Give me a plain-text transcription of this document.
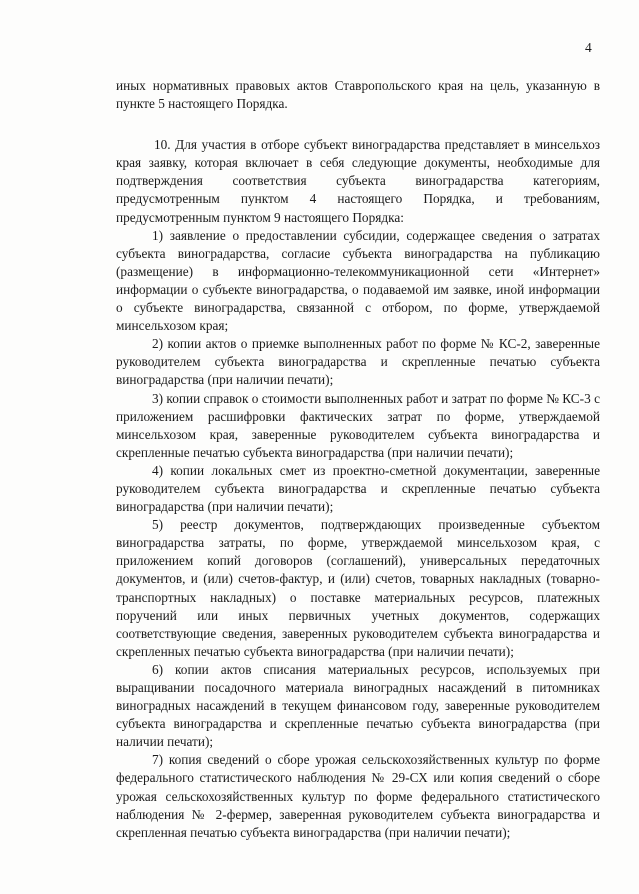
4

иных нормативных правовых актов Ставропольского края на цель, указанную в пункте 5 настоящего Порядка.

10. Для участия в отборе субъект виноградарства представляет в минсельхоз края заявку, которая включает в себя следующие документы, необходимые для подтверждения соответствия субъекта виноградарства категориям, предусмотренным пунктом 4 настоящего Порядка, и требованиям, предусмотренным пунктом 9 настоящего Порядка:

1) заявление о предоставлении субсидии, содержащее сведения о затратах субъекта виноградарства, согласие субъекта виноградарства на публикацию (размещение) в информационно-телекоммуникационной сети «Интернет» информации о субъекте виноградарства, о подаваемой им заявке, иной информации о субъекте виноградарства, связанной с отбором, по форме, утверждаемой минсельхозом края;

2) копии актов о приемке выполненных работ по форме № КС-2, заверенные руководителем субъекта виноградарства и скрепленные печатью субъекта виноградарства (при наличии печати);

3) копии справок о стоимости выполненных работ и затрат по форме № КС-3 с приложением расшифровки фактических затрат по форме, утверждаемой минсельхозом края, заверенные руководителем субъекта виноградарства и скрепленные печатью субъекта виноградарства (при наличии печати);

4) копии локальных смет из проектно-сметной документации, заверенные руководителем субъекта виноградарства и скрепленные печатью субъекта виноградарства (при наличии печати);

5) реестр документов, подтверждающих произведенные субъектом виноградарства затраты, по форме, утверждаемой минсельхозом края, с приложением копий договоров (соглашений), универсальных передаточных документов, и (или) счетов-фактур, и (или) счетов, товарных накладных (товарно-транспортных накладных) о поставке материальных ресурсов, платежных поручений или иных первичных учетных документов, содержащих соответствующие сведения, заверенных руководителем субъекта виноградарства и скрепленных печатью субъекта виноградарства (при наличии печати);

6) копии актов списания материальных ресурсов, используемых при выращивании посадочного материала виноградных насаждений в питомниках виноградных насаждений в текущем финансовом году, заверенные руководителем субъекта виноградарства и скрепленные печатью субъекта виноградарства (при наличии печати);

7) копия сведений о сборе урожая сельскохозяйственных культур по форме федерального статистического наблюдения № 29-СХ или копия сведений о сборе урожая сельскохозяйственных культур по форме федерального статистического наблюдения № 2-фермер, заверенная руководителем субъекта виноградарства и скрепленная печатью субъекта виноградарства (при наличии печати);
